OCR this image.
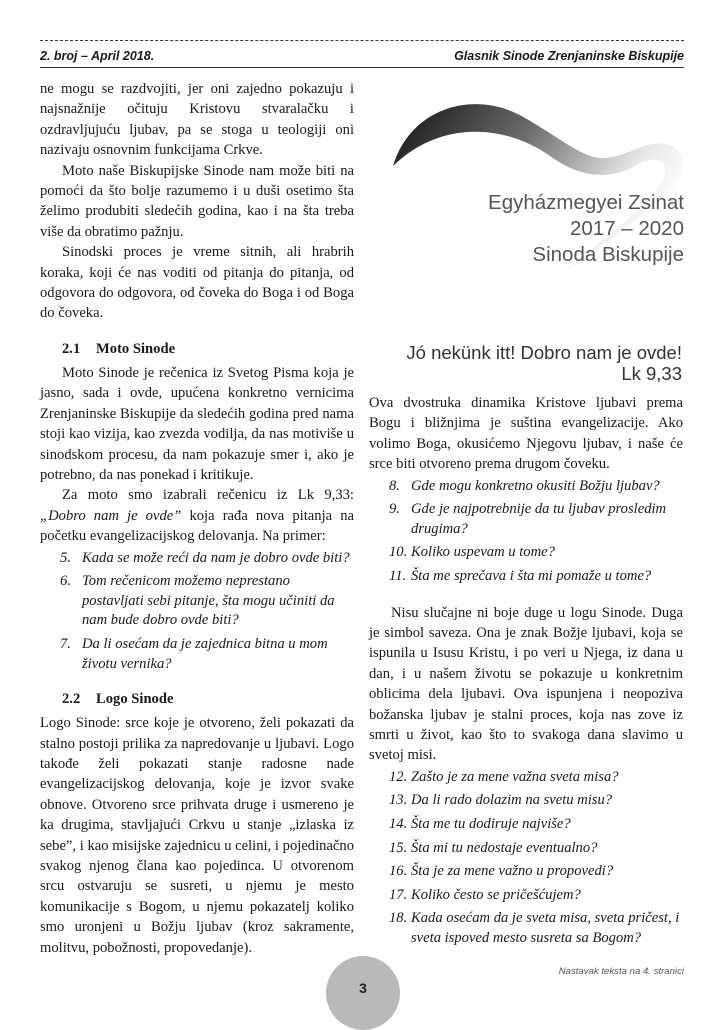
2. broj – April 2018.	Glasnik Sinode Zrenjaninske Biskupije

ne mogu se razdvojiti, jer oni zajedno pokazuju i najsnažnije očituju Kristovu stvaralačku i ozdravljujuću ljubav, pa se stoga u teologiji oni nazivaju osnovnim funkcijama Crkve.

Moto naše Biskupijske Sinode nam može biti na pomoći da što bolje razumemo i u duši osetimo šta želimo produbiti sledećih godina, kao i na šta treba više da obratimo pažnju.

Sinodski proces je vreme sitnih, ali hrabrih koraka, koji će nas voditi od pitanja do pitanja, od odgovora do odgovora, od čoveka do Boga i od Boga do čoveka.

2.1 Moto Sinode

Moto Sinode je rečenica iz Svetog Pisma koja je jasno, sada i ovde, upućena konkretno vernicima Zrenjaninske Biskupije da sledećih godina pred nama stoji kao vizija, kao zvezda vodilja, da nas motiviše u sinodskom procesu, da nam pokazuje smer i, ako je potrebno, da nas ponekad i kritikuje.

Za moto smo izabrali rečenicu iz Lk 9,33: „Dobro nam je ovde” koja rađa nova pitanja na početku evangelizacijskog delovanja. Na primer:

5. Kada se može reći da nam je dobro ovde biti?
6. Tom rečenicom možemo neprestano postavljati sebi pitanje, šta mogu učiniti da nam bude dobro ovde biti?
7. Da li osećam da je zajednica bitna u mom životu vernika?
2.2 Logo Sinode

Logo Sinode: srce koje je otvoreno, želi pokazati da stalno postoji prilika za napredovanje u ljubavi. Logo takođe želi pokazati stanje radosne nade evangelizacijskog delovanja, koje je izvor svake obnove. Otvoreno srce prihvata druge i usmereno je ka drugima, stavljajući Crkvu u stanje „izlaska iz sebe”, i kao misijske zajednicu u celini, i pojedinačno svakog njenog člana kao pojedinca. U otvorenom srcu ostvaruju se susreti, u njemu je mesto komunikacije s Bogom, u njemu pokazatelj koliko smo uronjeni u Božju ljubav (kroz sakramente, molitvu, pobožnosti, propovedanje).

Egyházmegyei Zsinat
2017 – 2020
Sinoda Biskupije
Jó nekünk itt! Dobro nam je ovde!
Lk 9,33

Ova dvostruka dinamika Kristove ljubavi prema Bogu i bližnjima je suština evangelizacije. Ako volimo Boga, okusićemo Njegovu ljubav, i naše će srce biti otvoreno prema drugom čoveku.

8. Gde mogu konkretno okusiti Božju ljubav?
9. Gde je najpotrebnije da tu ljubav prosledim drugima?
10. Koliko uspevam u tome?
11. Šta me sprečava i šta mi pomaže u tome?

Nisu slučajne ni boje duge u logu Sinode. Duga je simbol saveza. Ona je znak Božje ljubavi, koja se ispunila u Isusu Kristu, i po veri u Njega, iz dana u dan, i u našem životu se pokazuje u konkretnim oblicima dela ljubavi. Ova ispunjena i neopoziva božanska ljubav je stalni proces, koja nas zove iz smrti u život, kao što to svakoga dana slavimo u svetoj misi.

12. Zašto je za mene važna sveta misa?
13. Da li rado dolazim na svetu misu?
14. Šta me tu dodiruje najviše?
15. Šta mi tu nedostaje eventualno?
16. Šta je za mene važno u propovedi?
17. Koliko često se pričešćujem?
18. Kada osećam da je sveta misa, sveta pričest, i sveta ispoved mesto susreta sa Bogom?
Nastavak teksta na 4. stranici
3
